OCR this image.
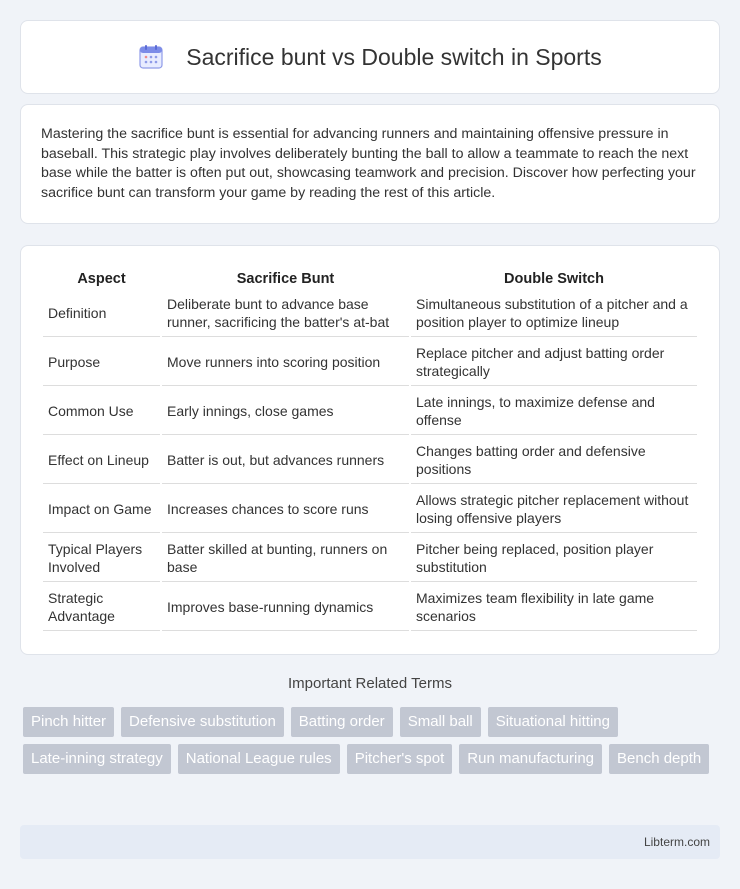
Sacrifice bunt vs Double switch in Sports

Mastering the sacrifice bunt is essential for advancing runners and maintaining offensive pressure in baseball. This strategic play involves deliberately bunting the ball to allow a teammate to reach the next base while the batter is often put out, showcasing teamwork and precision. Discover how perfecting your sacrifice bunt can transform your game by reading the rest of this article.

Aspect	Sacrifice Bunt	Double Switch
Definition	Deliberate bunt to advance base runner, sacrificing the batter's at-bat	Simultaneous substitution of a pitcher and a position player to optimize lineup
Purpose	Move runners into scoring position	Replace pitcher and adjust batting order strategically
Common Use	Early innings, close games	Late innings, to maximize defense and offense
Effect on Lineup	Batter is out, but advances runners	Changes batting order and defensive positions
Impact on Game	Increases chances to score runs	Allows strategic pitcher replacement without losing offensive players
Typical Players Involved	Batter skilled at bunting, runners on base	Pitcher being replaced, position player substitution
Strategic Advantage	Improves base-running dynamics	Maximizes team flexibility in late game scenarios
Important Related Terms
Pinch hitter	Defensive substitution	Batting order	Small ball	Situational hitting
Late-inning strategy	National League rules	Pitcher's spot	Run manufacturing	Bench depth
Libterm.com
